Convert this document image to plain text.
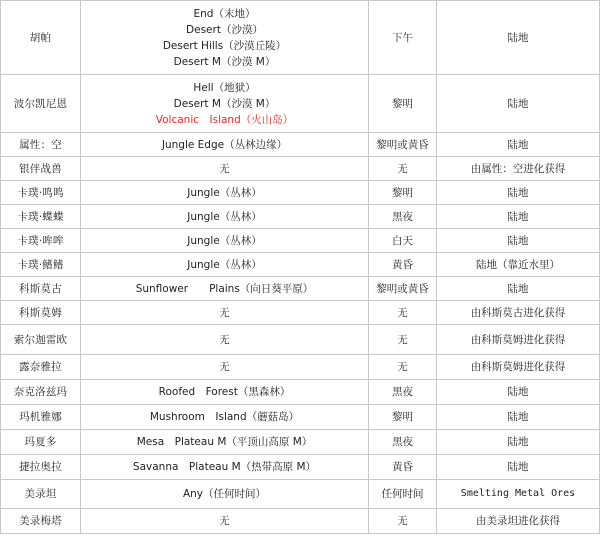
胡帕	End（末地）
Desert（沙漠）
Desert Hills（沙漠丘陵）
Desert M（沙漠 M）	下午	陆地
波尔凯尼恩	Hell（地狱）
Desert M（沙漠 M）
Volcanic　Island（火山岛）	黎明	陆地
属性：空	Jungle Edge（丛林边缘）	黎明或黄昏	陆地
银伴战兽	无	无	由属性：空进化获得
卡璞·鸣鸣	Jungle（丛林）	黎明	陆地
卡璞·蝶蝶	Jungle（丛林）	黑夜	陆地
卡璞·哞哞	Jungle（丛林）	白天	陆地
卡璞·鳍鳍	Jungle（丛林）	黄昏	陆地（靠近水里）
科斯莫古	Sunflower　　Plains（向日葵平原）	黎明或黄昏	陆地
科斯莫姆	无	无	由科斯莫古进化获得
索尔迦雷欧	无	无	由科斯莫姆进化获得
露奈雅拉	无	无	由科斯莫姆进化获得
奈克洛兹玛	Roofed　Forest（黑森林）	黑夜	陆地
玛机雅娜	Mushroom　Island（蘑菇岛）	黎明	陆地
玛夏多	Mesa　Plateau M（平顶山高原 M）	黑夜	陆地
捷拉奥拉	Savanna　Plateau M（热带高原 M）	黄昏	陆地
美录坦	Any（任何时间）	任何时间	Smelting Metal Ores
美录梅塔	无	无	由美录坦进化获得
